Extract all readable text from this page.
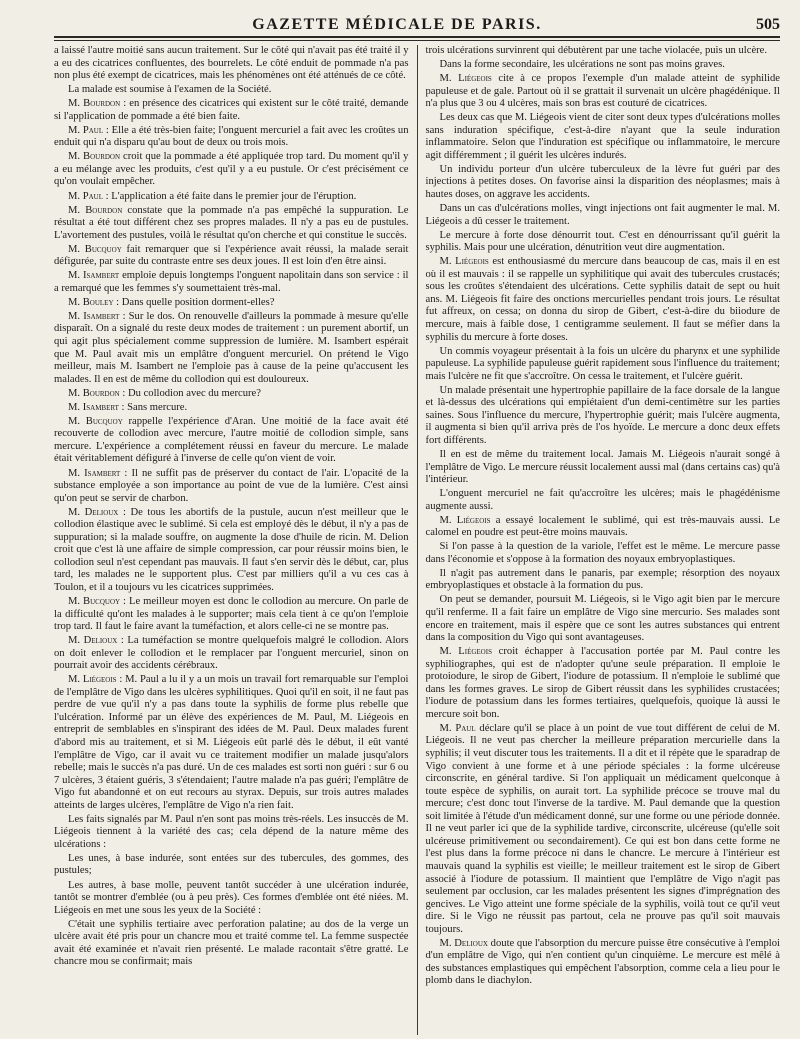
GAZETTE MÉDICALE DE PARIS.	505

a laissé l'autre moitié sans aucun traitement. Sur le côté qui n'avait pas été traité il y a eu des cicatrices confluentes, des bourrelets. Le côté enduit de pommade n'a pas non plus été exempt de cicatrices, mais les phénomènes ont été atténués de ce côté.

La malade est soumise à l'examen de la Société.

M. Bourdon : en présence des cicatrices qui existent sur le côté traité, demande si l'application de pommade a été bien faite.

M. Paul : Elle a été très-bien faite; l'onguent mercuriel a fait avec les croûtes un enduit qui n'a disparu qu'au bout de deux ou trois mois.

M. Bourdon croit que la pommade a été appliquée trop tard. Du moment qu'il y a eu mélange avec les produits, c'est qu'il y a eu pustule. Or c'est précisément ce qu'on voulait empêcher.

M. Paul : L'application a été faite dans le premier jour de l'éruption.

M. Bourdon constate que la pommade n'a pas empêché la suppuration. Le résultat a été tout différent chez ses propres malades. Il n'y a pas eu de pustules. L'avortement des pustules, voilà le résultat qu'on cherche et qui constitue le succès.

M. Bucquoy fait remarquer que si l'expérience avait réussi, la malade serait défigurée, par suite du contraste entre ses deux joues. Il est loin d'en être ainsi.

M. Isambert emploie depuis longtemps l'onguent napolitain dans son service : il a remarqué que les femmes s'y soumettaient très-mal.

M. Bouley : Dans quelle position dorment-elles?

M. Isambert : Sur le dos. On renouvelle d'ailleurs la pommade à mesure qu'elle disparaît. On a signalé du reste deux modes de traitement : un purement abortif, un qui agit plus spécialement comme suppression de lumière. M. Isambert espérait que M. Paul avait mis un emplâtre d'onguent mercuriel. On prétend le Vigo meilleur, mais M. Isambert ne l'emploie pas à cause de la peine qu'accusent les malades. Il en est de même du collodion qui est douloureux.

M. Bourdon : Du collodion avec du mercure?

M. Isambert : Sans mercure.

M. Bucquoy rappelle l'expérience d'Aran. Une moitié de la face avait été recouverte de collodion avec mercure, l'autre moitié de collodion simple, sans mercure. L'expérience a complétement réussi en faveur du mercure. Le malade était véritablement défiguré à l'inverse de celle qu'on vient de voir.

M. Isambert : Il ne suffit pas de préserver du contact de l'air. L'opacité de la substance employée a son importance au point de vue de la lumière. C'est ainsi qu'on peut se servir de charbon.

M. Delioux : De tous les abortifs de la pustule, aucun n'est meilleur que le collodion élastique avec le sublimé. Si cela est employé dès le début, il n'y a pas de suppuration; si la malade souffre, on augmente la dose d'huile de ricin. M. Delion croit que c'est là une affaire de simple compression, car pour réussir moins bien, le collodion seul n'est cependant pas mauvais. Il faut s'en servir dès le début, car, plus tard, les malades ne le supportent plus. C'est par milliers qu'il a vu ces cas à Toulon, et il a toujours vu les cicatrices supprimées.

M. Bucquoy : Le meilleur moyen est donc le collodion au mercure. On parle de la difficulté qu'ont les malades à le supporter; mais cela tient à ce qu'on l'emploie trop tard. Il faut le faire avant la tuméfaction, et alors celle-ci ne se montre pas.

M. Delioux : La tuméfaction se montre quelquefois malgré le collodion. Alors on doit enlever le collodion et le remplacer par l'onguent mercuriel, sinon on pourrait avoir des accidents cérébraux.

M. Liégeois : M. Paul a lu il y a un mois un travail fort remarquable sur l'emploi de l'emplâtre de Vigo dans les ulcères syphilitiques. Quoi qu'il en soit, il ne faut pas perdre de vue qu'il n'y a pas dans toute la syphilis de forme plus rebelle que l'ulcération. Informé par un élève des expériences de M. Paul, M. Liégeois en entreprit de semblables en s'inspirant des idées de M. Paul. Deux malades furent d'abord mis au traitement, et si M. Liégeois eût parlé dès le début, il eût vanté l'emplâtre de Vigo, car il avait vu ce traitement modifier un malade jusqu'alors rebelle; mais le succès n'a pas duré. Un de ces malades est sorti non guéri : sur 6 ou 7 ulcères, 3 étaient guéris, 3 s'étendaient; l'autre malade n'a pas guéri; l'emplâtre de Vigo fut abandonné et on eut recours au styrax. Depuis, sur trois autres malades atteints de larges ulcères, l'emplâtre de Vigo n'a rien fait.

Les faits signalés par M. Paul n'en sont pas moins très-réels. Les insuccès de M. Liégeois tiennent à la variété des cas; cela dépend de la nature même des ulcérations :

Les unes, à base indurée, sont entées sur des tubercules, des gommes, des pustules;

Les autres, à base molle, peuvent tantôt succéder à une ulcération indurée, tantôt se montrer d'emblée (ou à peu près). Ces formes d'emblée ont été niées. M. Liégeois en met une sous les yeux de la Société :

C'était une syphilis tertiaire avec perforation palatine; au dos de la verge un ulcère avait été pris pour un chancre mou et traité comme tel. La femme suspectée avait été examinée et n'avait rien présenté. Le malade racontait s'être gratté. Le chancre mou se confirmait; mais

trois ulcérations survinrent qui débutèrent par une tache violacée, puis un ulcère.

Dans la forme secondaire, les ulcérations ne sont pas moins graves.

M. Liégeois cite à ce propos l'exemple d'un malade atteint de syphilide papuleuse et de gale. Partout où il se grattait il survenait un ulcère phagédénique. Il n'a plus que 3 ou 4 ulcères, mais son bras est couturé de cicatrices.

Les deux cas que M. Liégeois vient de citer sont deux types d'ulcérations molles sans induration spécifique, c'est-à-dire n'ayant que la seule induration inflammatoire. Selon que l'induration est spécifique ou inflammatoire, le mercure agit différemment ; il guérit les ulcères indurés.

Un individu porteur d'un ulcère tuberculeux de la lèvre fut guéri par des injections à petites doses. On favorise ainsi la disparition des néoplasmes; mais à hautes doses, on aggrave les accidents.

Dans un cas d'ulcérations molles, vingt injections ont fait augmenter le mal. M. Liégeois a dû cesser le traitement.

Le mercure à forte dose dénourrit tout. C'est en dénourrissant qu'il guérit la syphilis. Mais pour une ulcération, dénutrition veut dire augmentation.

M. Liégeois est enthousiasmé du mercure dans beaucoup de cas, mais il en est où il est mauvais : il se rappelle un syphilitique qui avait des tubercules crustacés; sous les croûtes s'étendaient des ulcérations. Cette syphilis datait de sept ou huit ans. M. Liégeois fit faire des onctions mercurielles pendant trois jours. Le résultat fut affreux, on cessa; on donna du sirop de Gibert, c'est-à-dire du biiodure de mercure, mais à faible dose, 1 centigramme seulement. Il faut se méfier dans la syphilis du mercure à forte doses.

Un commis voyageur présentait à la fois un ulcère du pharynx et une syphilide papuleuse. La syphilide papuleuse guérit rapidement sous l'influence du traitement; mais l'ulcère ne fit que s'accroître. On cessa le traitement, et l'ulcère guérit.

Un malade présentait une hypertrophie papillaire de la face dorsale de la langue et là-dessus des ulcérations qui empiétaient d'un demi-centimètre sur les parties saines. Sous l'influence du mercure, l'hypertrophie guérit; mais l'ulcère augmenta, il augmenta si bien qu'il arriva près de l'os hyoïde. Le mercure a donc deux effets fort différents.

Il en est de même du traitement local. Jamais M. Liégeois n'aurait songé à l'emplâtre de Vigo. Le mercure réussit localement aussi mal (dans certains cas) qu'à l'intérieur.

L'onguent mercuriel ne fait qu'accroître les ulcères; mais le phagédénisme augmente aussi.

M. Liégeois a essayé localement le sublimé, qui est très-mauvais aussi. Le calomel en poudre est peut-être moins mauvais.

Si l'on passe à la question de la variole, l'effet est le même. Le mercure passe dans l'économie et s'oppose à la formation des noyaux embryoplastiques.

Il n'agit pas autrement dans le panaris, par exemple; résorption des noyaux embryoplastiques et obstacle à la formation du pus.

On peut se demander, poursuit M. Liégeois, si le Vigo agit bien par le mercure qu'il renferme. Il a fait faire un emplâtre de Vigo sine mercurio. Ses malades sont encore en traitement, mais il espère que ce sont les autres substances qui entrent dans la composition du Vigo qui sont avantageuses.

M. Liégeois croit échapper à l'accusation portée par M. Paul contre les syphiliographes, qui est de n'adopter qu'une seule préparation. Il emploie le protoiodure, le sirop de Gibert, l'iodure de potassium. Il n'emploie le sublimé que dans les formes graves. Le sirop de Gibert réussit dans les syphilides crustacées; l'iodure de potassium dans les formes tertiaires, quelquefois, quoique là aussi le mercure soit bon.

M. Paul déclare qu'il se place à un point de vue tout différent de celui de M. Liégeois. Il ne veut pas chercher la meilleure préparation mercurielle dans la syphilis; il veut discuter tous les traitements. Il a dit et il répète que le sparadrap de Vigo convient à une forme et à une période spéciales : la forme ulcéreuse circonscrite, en général tardive. Si l'on appliquait un médicament quelconque à toute espèce de syphilis, on aurait tort. La syphilide précoce se trouve mal du mercure; c'est donc tout l'inverse de la tardive. M. Paul demande que la question soit limitée à l'étude d'un médicament donné, sur une forme ou une période donnée. Il ne veut parler ici que de la syphilide tardive, circonscrite, ulcéreuse (qu'elle soit ulcéreuse primitivement ou secondairement). Ce qui est bon dans cette forme ne l'est plus dans la forme précoce ni dans le chancre. Le mercure à l'intérieur est mauvais quand la syphilis est vieille; le meilleur traitement est le sirop de Gibert associé à l'iodure de potassium. Il maintient que l'emplâtre de Vigo n'agit pas seulement par occlusion, car les malades présentent les signes d'imprégnation des gencives. Le Vigo atteint une forme spéciale de la syphilis, voilà tout ce qu'il veut dire. Si le Vigo ne réussit pas partout, cela ne prouve pas qu'il soit mauvais toujours.

M. Delioux doute que l'absorption du mercure puisse être consécutive à l'emploi d'un emplâtre de Vigo, qui n'en contient qu'un cinquième. Le mercure est mêlé à des substances emplastiques qui empêchent l'absorption, comme cela a lieu pour le plomb dans le diachylon.
